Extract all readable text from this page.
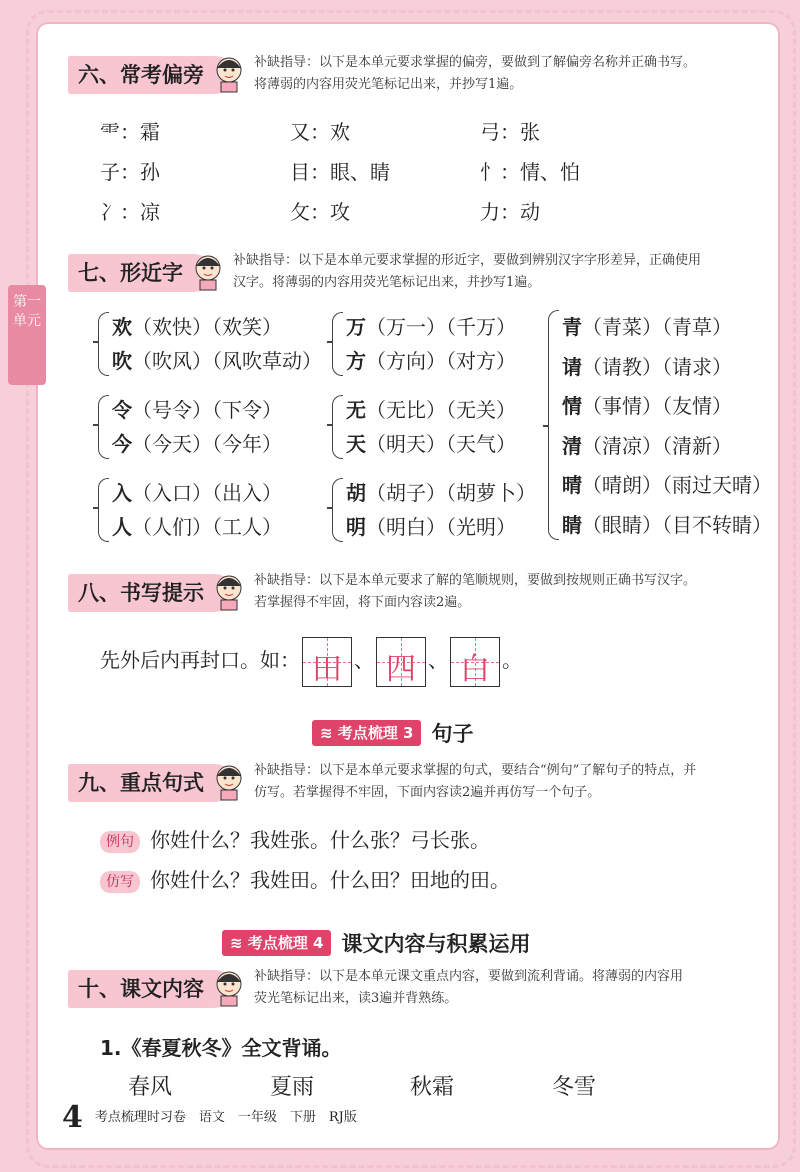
第一单元
六、常考偏旁
补缺指导：以下是本单元要求掌握的偏旁，要做到了解偏旁名称并正确书写。
将薄弱的内容用荧光笔标记出来，并抄写1遍。
⻗：霜	又：欢	弓：张
子：孙	目：眼、睛	忄：情、怕
冫：凉	攵：攻	力：动
七、形近字
补缺指导：以下是本单元要求掌握的形近字，要做到辨别汉字字形差异，正确使用
汉字。将薄弱的内容用荧光笔标记出来，并抄写1遍。
欢（欢快）（欢笑）
吹（吹风）（风吹草动）
万（万一）（千万）
方（方向）（对方）
令（号令）（下令）
今（今天）（今年）
无（无比）（无关）
天（明天）（天气）
入（入口）（出入）
人（人们）（工人）
胡（胡子）（胡萝卜）
明（明白）（光明）
青（青菜）（青草）
请（请教）（请求）
情（事情）（友情）
清（清凉）（清新）
晴（晴朗）（雨过天晴）
睛（眼睛）（目不转睛）
八、书写提示
补缺指导：以下是本单元要求了解的笔顺规则，要做到按规则正确书写汉字。
若掌握得不牢固，将下面内容读2遍。
先外后内再封口。如： 田 、 四 、 白 。
≋ 考点梳理 3 句子
九、重点句式
补缺指导：以下是本单元要求掌握的句式，要结合“例句”了解句子的特点，并
仿写。若掌握得不牢固，下面内容读2遍并再仿写一个句子。
例句 你姓什么？我姓张。什么张？弓长张。
仿写 你姓什么？我姓田。什么田？田地的田。
≋ 考点梳理 4 课文内容与积累运用
十、课文内容
补缺指导：以下是本单元课文重点内容，要做到流利背诵。将薄弱的内容用
荧光笔标记出来，读3遍并背熟练。
1.《春夏秋冬》全文背诵。
春风	夏雨	秋霜	冬雪
4 考点梳理时习卷　语文　一年级　下册　RJ版
